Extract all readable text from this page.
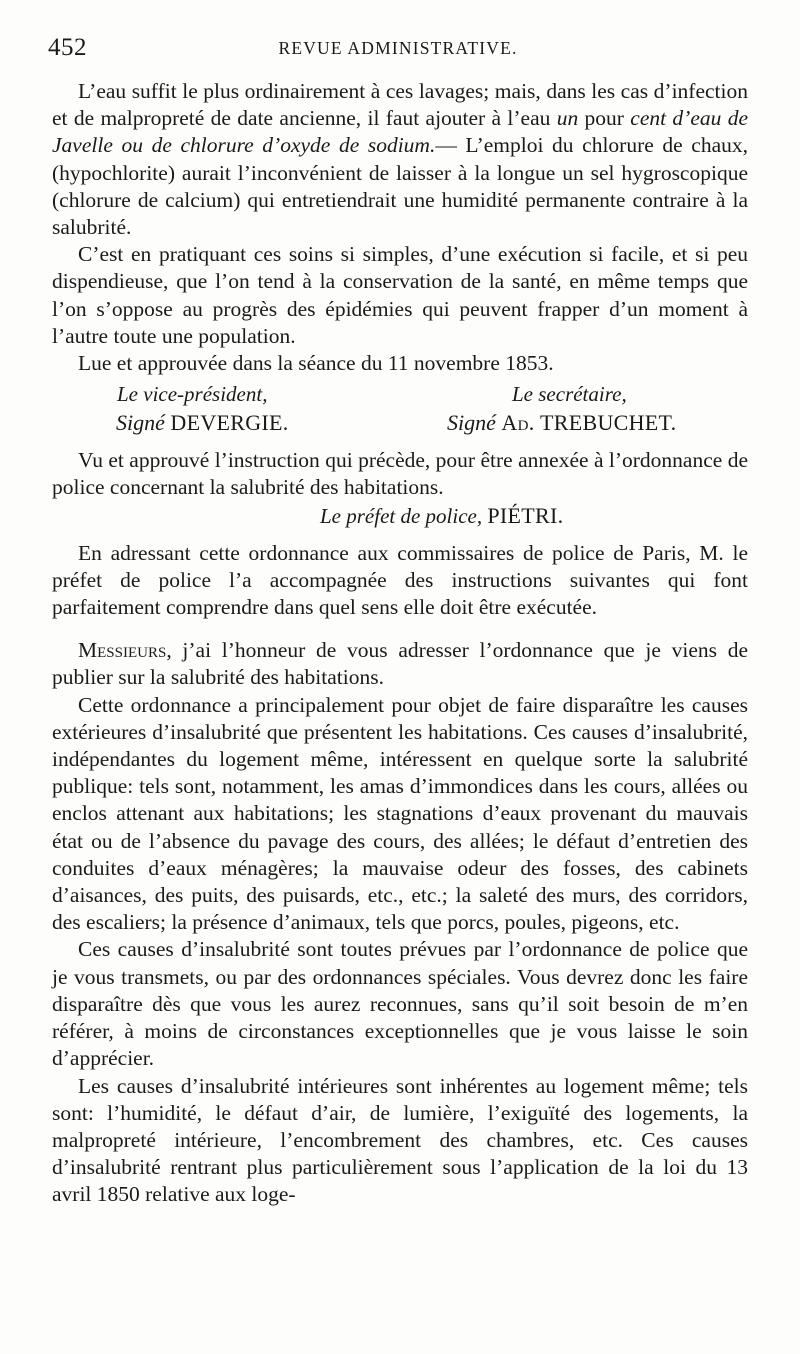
452	REVUE ADMINISTRATIVE.

L’eau suffit le plus ordinairement à ces lavages; mais, dans les cas d’infection et de malpropreté de date ancienne, il faut ajouter à l’eau un pour cent d’eau de Javelle ou de chlorure d’oxyde de sodium.— L’emploi du chlorure de chaux, (hypochlorite) aurait l’inconvénient de laisser à la longue un sel hygroscopique (chlorure de calcium) qui entretiendrait une humidité permanente contraire à la salubrité.

C’est en pratiquant ces soins si simples, d’une exécution si facile, et si peu dispendieuse, que l’on tend à la conservation de la santé, en même temps que l’on s’oppose au progrès des épidémies qui peuvent frapper d’un moment à l’autre toute une population.

Lue et approuvée dans la séance du 11 novembre 1853.

Le vice-président,	Le secrétaire,
Signé DEVERGIE.	Signé Ad. TREBUCHET.

Vu et approuvé l’instruction qui précède, pour être annexée à l’ordonnance de police concernant la salubrité des habitations.

Le préfet de police, PIÉTRI.

En adressant cette ordonnance aux commissaires de police de Paris, M. le préfet de police l’a accompagnée des instructions suivantes qui font parfaitement comprendre dans quel sens elle doit être exécutée.

Messieurs, j’ai l’honneur de vous adresser l’ordonnance que je viens de publier sur la salubrité des habitations.

Cette ordonnance a principalement pour objet de faire disparaître les causes extérieures d’insalubrité que présentent les habitations. Ces causes d’insalubrité, indépendantes du logement même, intéressent en quelque sorte la salubrité publique: tels sont, notamment, les amas d’immondices dans les cours, allées ou enclos attenant aux habitations; les stagnations d’eaux provenant du mauvais état ou de l’absence du pavage des cours, des allées; le défaut d’entretien des conduites d’eaux ménagères; la mauvaise odeur des fosses, des cabinets d’aisances, des puits, des puisards, etc., etc.; la saleté des murs, des corridors, des escaliers; la présence d’animaux, tels que porcs, poules, pigeons, etc.

Ces causes d’insalubrité sont toutes prévues par l’ordonnance de police que je vous transmets, ou par des ordonnances spéciales. Vous devrez donc les faire disparaître dès que vous les aurez reconnues, sans qu’il soit besoin de m’en référer, à moins de circonstances exceptionnelles que je vous laisse le soin d’apprécier.

Les causes d’insalubrité intérieures sont inhérentes au logement même; tels sont: l’humidité, le défaut d’air, de lumière, l’exiguïté des logements, la malpropreté intérieure, l’encombrement des chambres, etc. Ces causes d’insalubrité rentrant plus particulièrement sous l’application de la loi du 13 avril 1850 relative aux loge-
